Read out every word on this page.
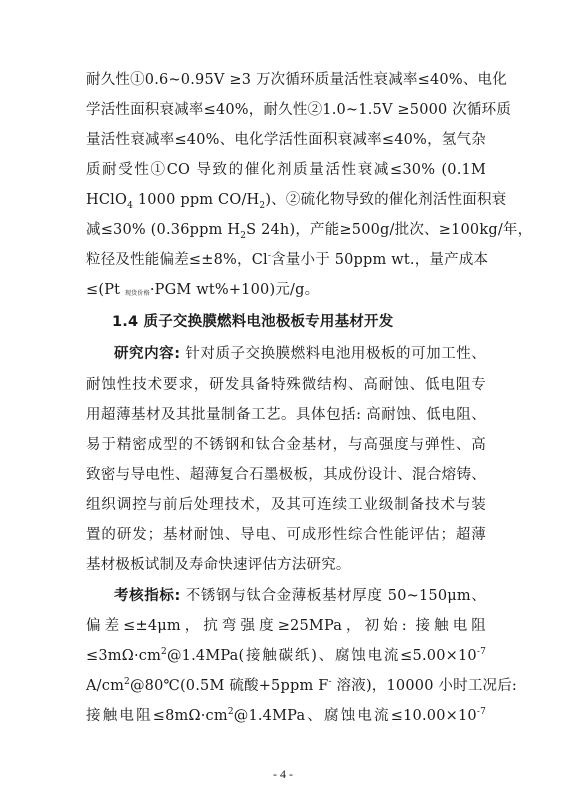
耐久性①0.6~0.95V ≥3 万次循环质量活性衰减率≤40%、电化
学活性面积衰减率≤40%，耐久性②1.0~1.5V ≥5000 次循环质
量活性衰减率≤40%、电化学活性面积衰减率≤40%，氢气杂
质耐受性①CO 导致的催化剂质量活性衰减≤30% (0.1M
HClO$_4$ 1000 ppm $CO/H_2$)、②硫化物导致的催化剂活性面积衰
减≤30% (0.36ppm $H_2S$ 24h)，产能≥500g/批次、≥100kg/年，
粒径及性能偏差≤±8%，Cl-含量小于 50ppm wt.，量产成本
≤(Pt 现货价格·PGM wt%+100)元/g。
1.4 质子交换膜燃料电池极板专用基材开发
研究内容: 针对质子交换膜燃料电池用极板的可加工性、
耐蚀性技术要求，研发具备特殊微结构、高耐蚀、低电阻专
用超薄基材及其批量制备工艺。具体包括: 高耐蚀、低电阻、
易于精密成型的不锈钢和钛合金基材，与高强度与弹性、高
致密与导电性、超薄复合石墨极板，其成份设计、混合熔铸、
组织调控与前后处理技术，及其可连续工业级制备技术与装
置的研发；基材耐蚀、导电、可成形性综合性能评估；超薄
基材极板试制及寿命快速评估方法研究。
考核指标: 不锈钢与钛合金薄板基材厚度 50~150μm、
偏差≤±4μm，抗弯强度≥25MPa，初始: 接触电阻
$\le 3m\Omega\cdot cm^2@1.4MPa$(接触碳纸)、腐蚀电流$\le 5.00\times 10^{-7}$
$A/cm^2@80℃(0.5M$ 硫酸+5ppm F- 溶液)，10000 小时工况后:
接触电阻$\le 8m\Omega\cdot cm^2@1.4MPa$、腐蚀电流$\le 10.00\times 10^{-7}$
- 4 -
